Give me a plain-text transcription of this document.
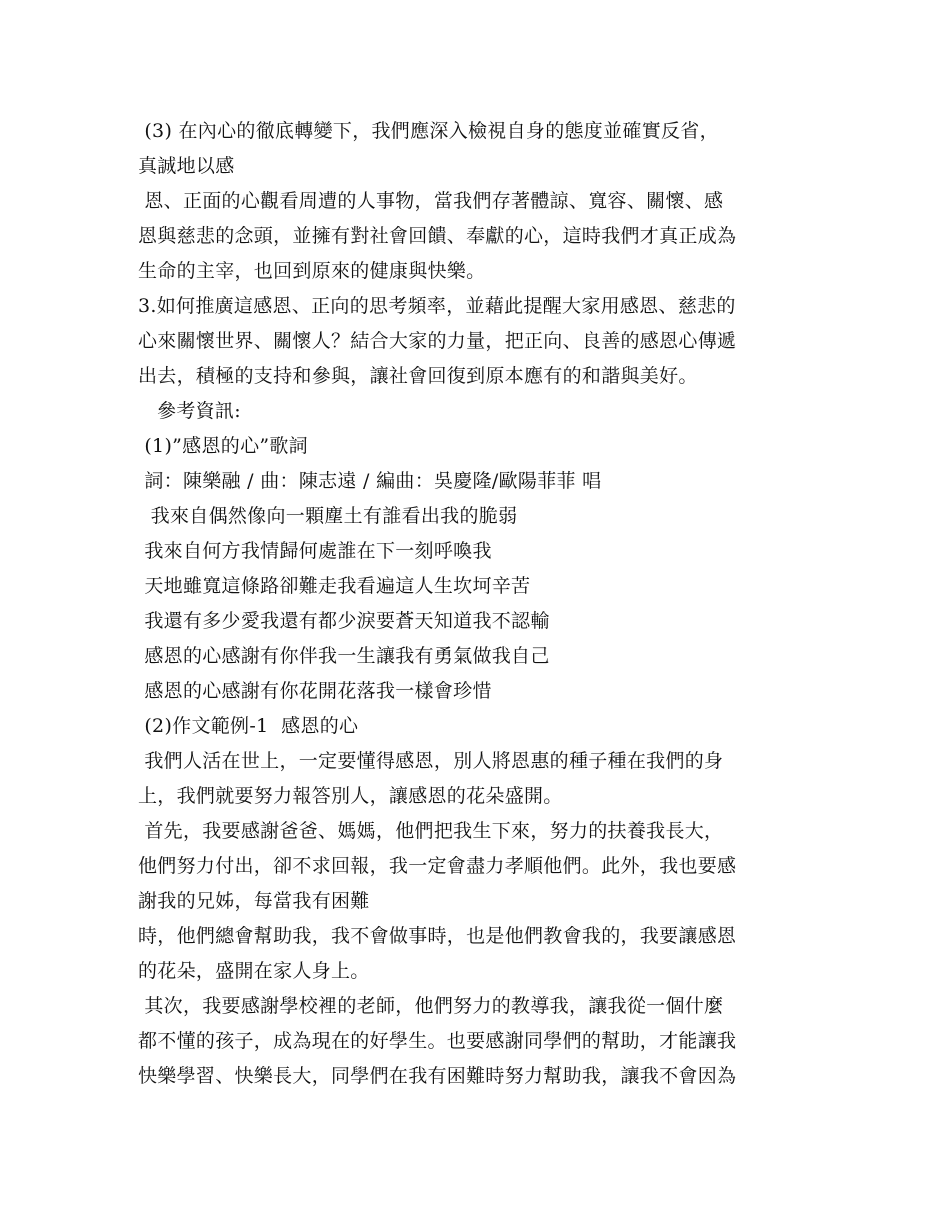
(3) 在內心的徹底轉變下，我們應深入檢視自身的態度並確實反省，
真誠地以感
恩、正面的心觀看周遭的人事物，當我們存著體諒、寬容、關懷、感
恩與慈悲的念頭，並擁有對社會回饋、奉獻的心，這時我們才真正成為
生命的主宰，也回到原來的健康與快樂。
3.如何推廣這感恩、正向的思考頻率，並藉此提醒大家用感恩、慈悲的
心來關懷世界、關懷人？結合大家的力量，把正向、良善的感恩心傳遞
出去，積極的支持和參與，讓社會回復到原本應有的和諧與美好。
參考資訊:
(1)”感恩的心”歌詞
詞：陳樂融 / 曲：陳志遠 / 編曲：吳慶隆/歐陽菲菲 唱
我來自偶然像向一顆塵土有誰看出我的脆弱
我來自何方我情歸何處誰在下一刻呼喚我
天地雖寬這條路卻難走我看遍這人生坎坷辛苦
我還有多少愛我還有都少淚要蒼天知道我不認輸
感恩的心感謝有你伴我一生讓我有勇氣做我自己
感恩的心感謝有你花開花落我一樣會珍惜
(2)作文範例-1  感恩的心
我們人活在世上，一定要懂得感恩，別人將恩惠的種子種在我們的身
上，我們就要努力報答別人，讓感恩的花朵盛開。
首先，我要感謝爸爸、媽媽，他們把我生下來，努力的扶養我長大，
他們努力付出，卻不求回報，我一定會盡力孝順他們。此外，我也要感
謝我的兄姊，每當我有困難
時，他們總會幫助我，我不會做事時，也是他們教會我的，我要讓感恩
的花朵，盛開在家人身上。
其次，我要感謝學校裡的老師，他們努力的教導我，讓我從一個什麼
都不懂的孩子，成為現在的好學生。也要感謝同學們的幫助，才能讓我
快樂學習、快樂長大，同學們在我有困難時努力幫助我，讓我不會因為
